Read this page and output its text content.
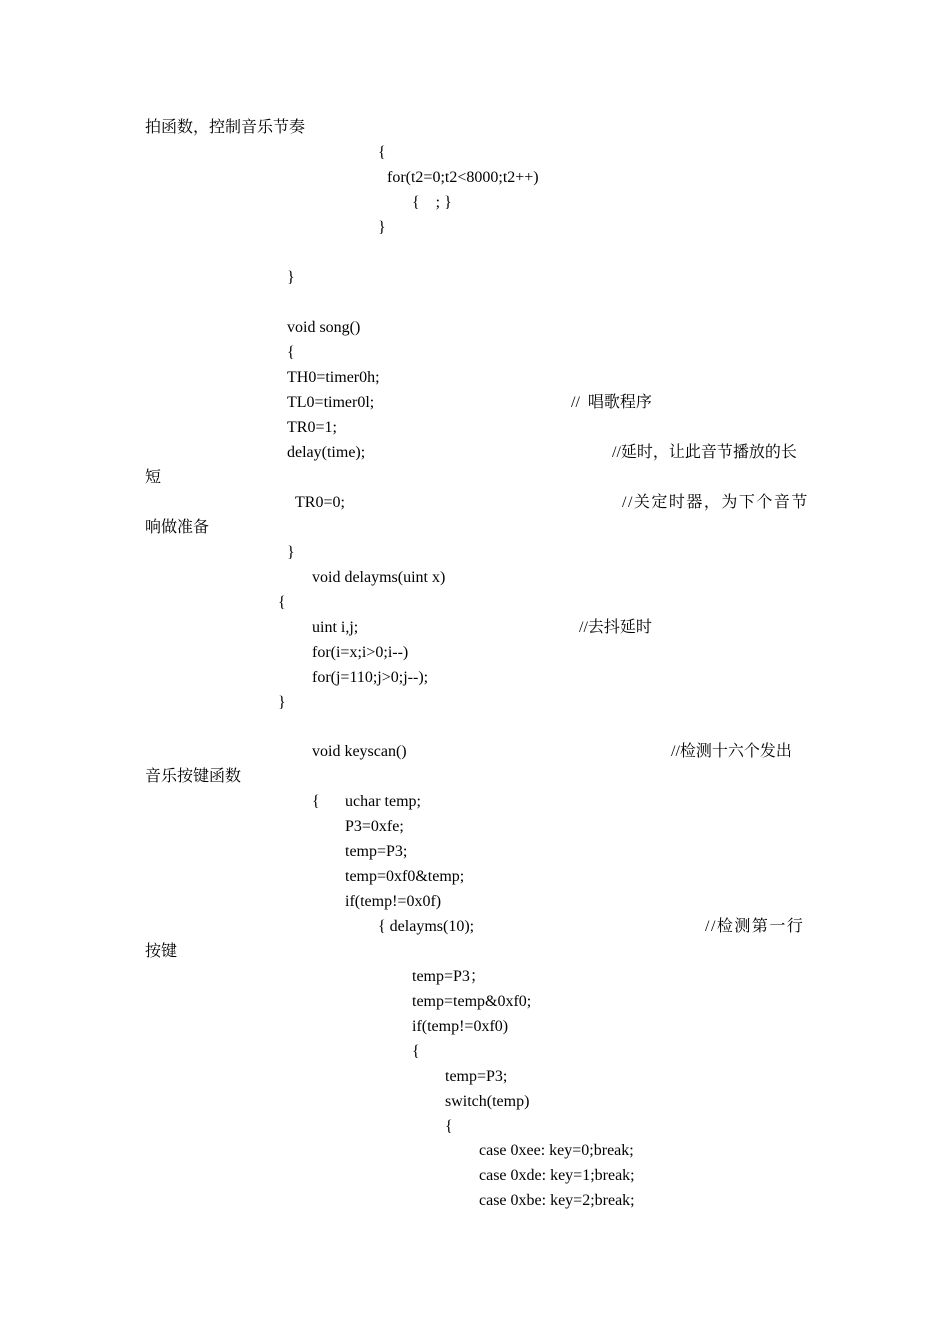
拍函数，控制音乐节奏
{
for(t2=0;t2<8000;t2++)
{    ; }
}
}
void song()
{
TH0=timer0h;
TL0=timer0l;	//  唱歌程序
TR0=1;
delay(time);	//延时，让此音节播放的长
短
TR0=0;	//关定时器，为下个音节
响做准备
}
void delayms(uint x)
{
uint i,j;	//去抖延时
for(i=x;i>0;i--)
for(j=110;j>0;j--);
}
void keyscan()	//检测十六个发出
音乐按键函数
{ uchar temp;
P3=0xfe;
temp=P3;
temp=0xf0&temp;
if(temp!=0x0f)
{ delayms(10);	//检测第一行
按键
temp=P3；
temp=temp&0xf0;
if(temp!=0xf0)
{
temp=P3;
switch(temp)
{
case 0xee: key=0;break;
case 0xde: key=1;break;
case 0xbe: key=2;break;
